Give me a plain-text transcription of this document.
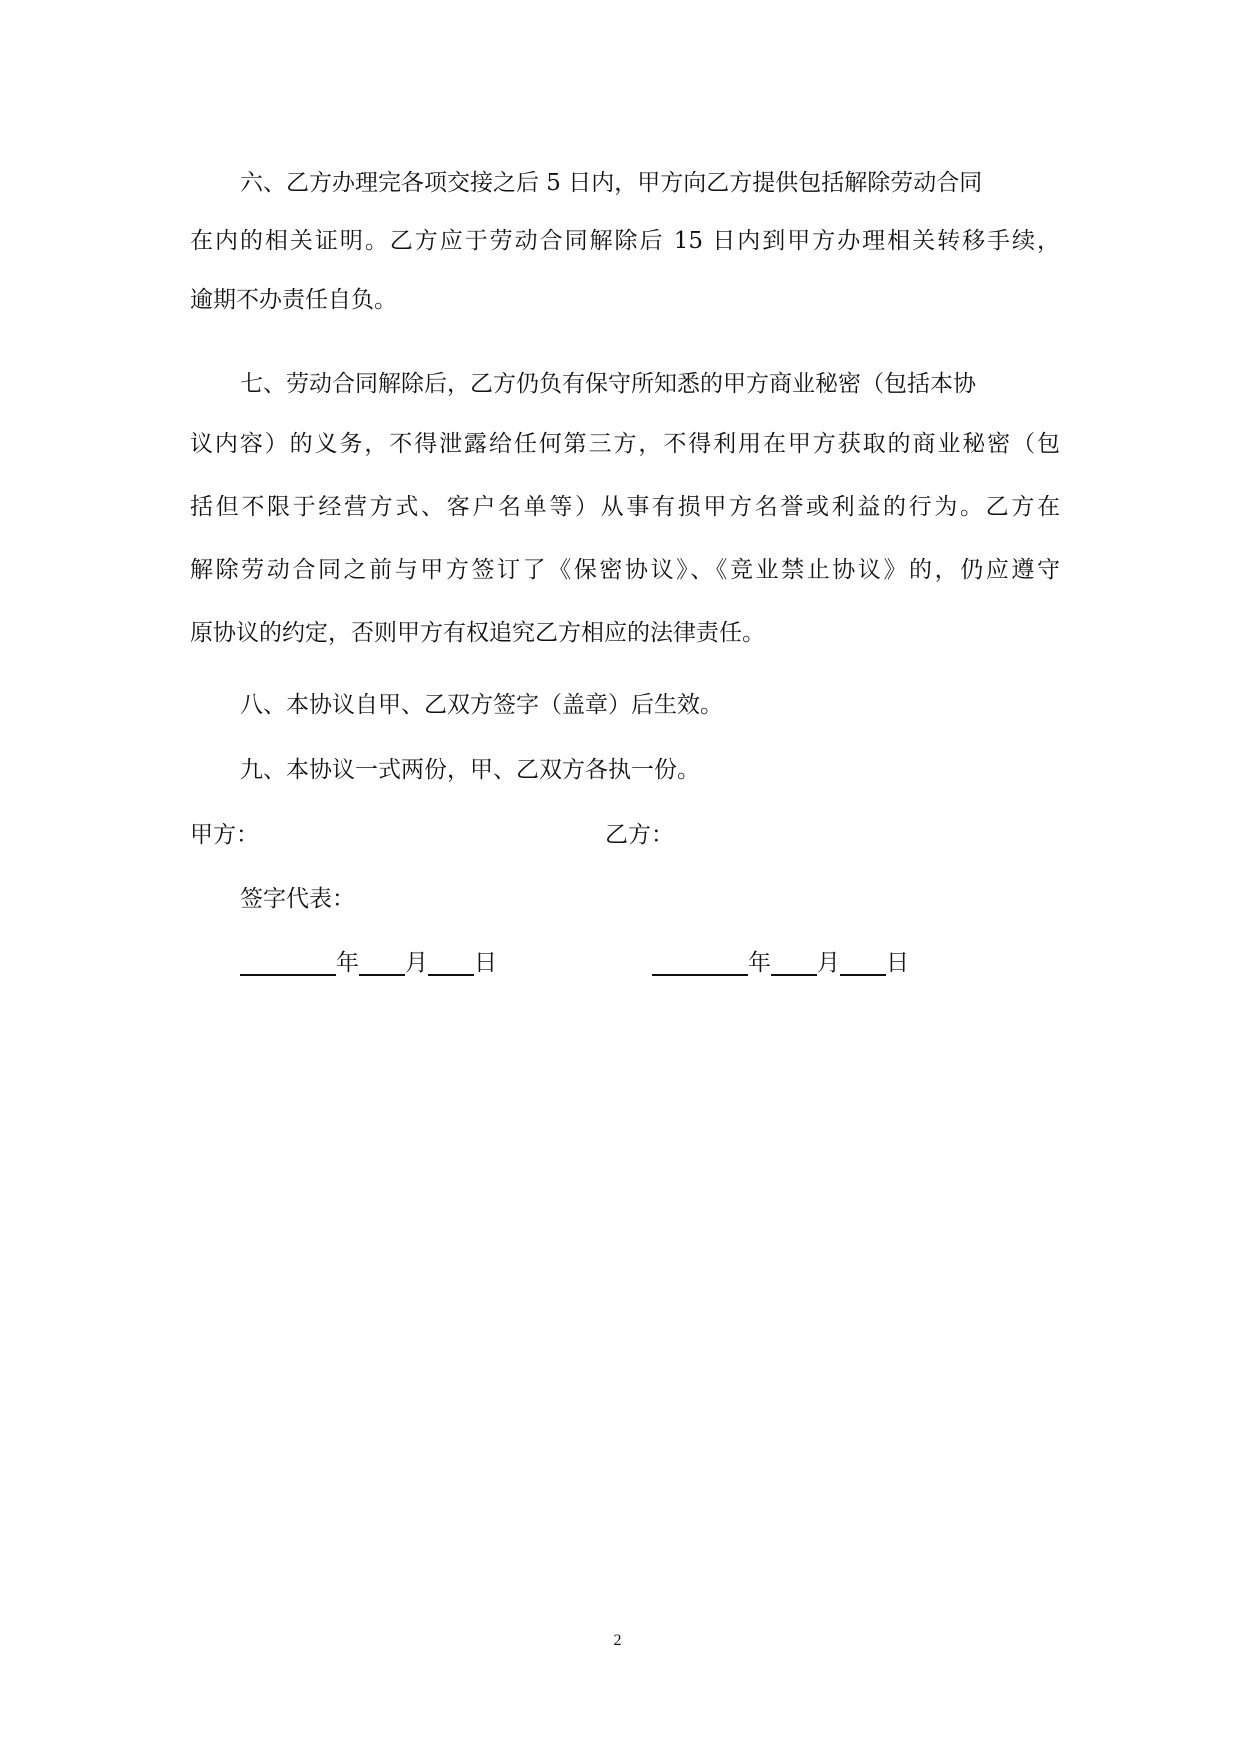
六、乙方办理完各项交接之后 5 日内，甲方向乙方提供包括解除劳动合同
在内的相关证明。乙方应于劳动合同解除后 15 日内到甲方办理相关转移手续，
逾期不办责任自负。
七、劳动合同解除后，乙方仍负有保守所知悉的甲方商业秘密（包括本协
议内容）的义务，不得泄露给任何第三方，不得利用在甲方获取的商业秘密（包
括但不限于经营方式、客户名单等）从事有损甲方名誉或利益的行为。乙方在
解除劳动合同之前与甲方签订了《保密协议》、《竞业禁止协议》的，仍应遵守
原协议的约定，否则甲方有权追究乙方相应的法律责任。
八、本协议自甲、乙双方签字（盖章）后生效。
九、本协议一式两份，甲、乙双方各执一份。
甲方：	乙方：
签字代表：
年 月 日	年 月 日
2
